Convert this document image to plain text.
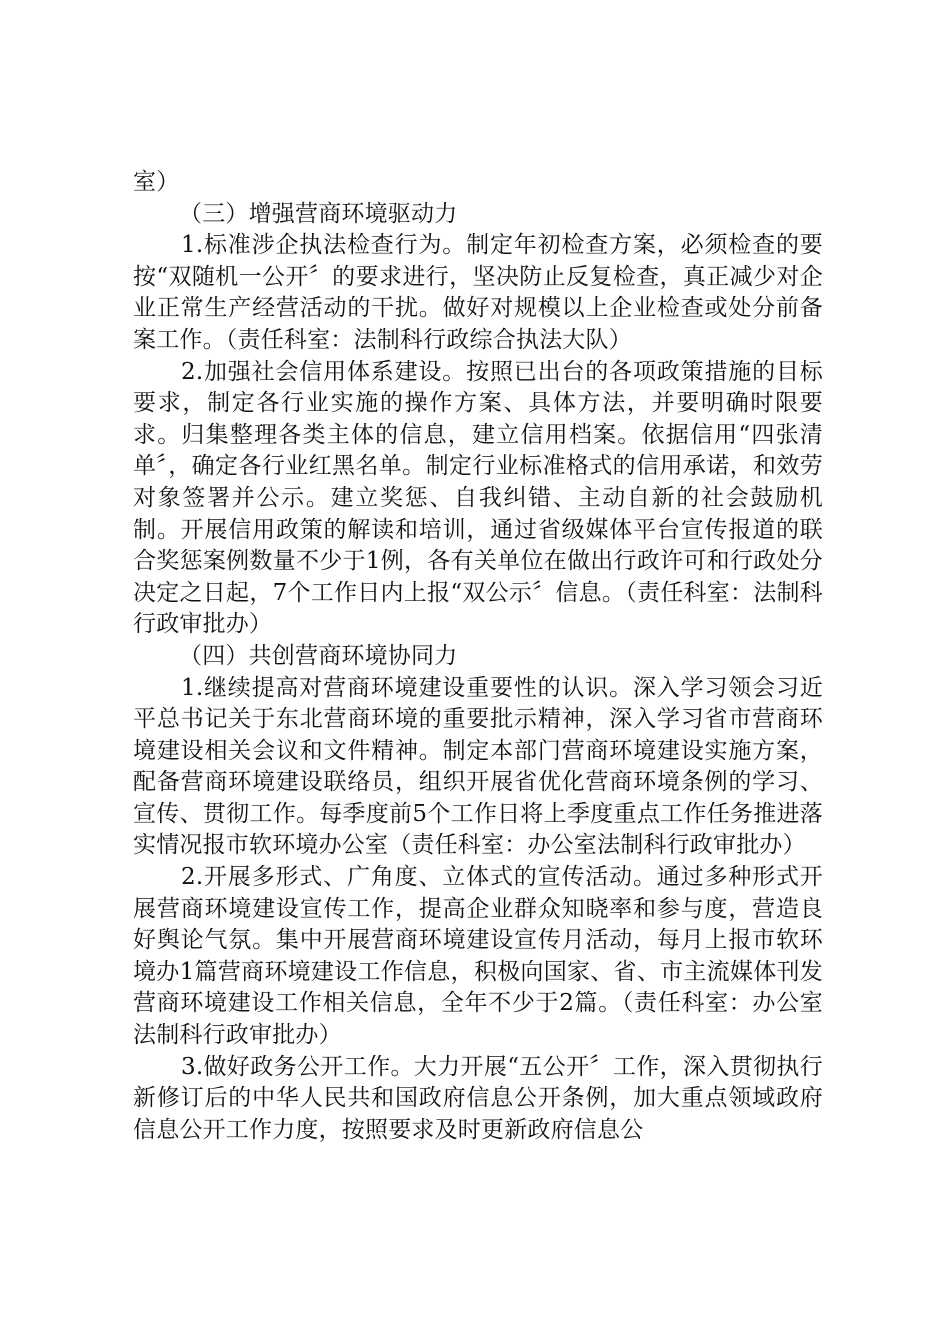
室）

（三）增强营商环境驱动力

1.标准涉企执法检查行为。制定年初检查方案，必须检查的要按“双随机一公开〞的要求进行，坚决防止反复检查，真正减少对企业正常生产经营活动的干扰。做好对规模以上企业检查或处分前备案工作。（责任科室：法制科行政综合执法大队）

2.加强社会信用体系建设。按照已出台的各项政策措施的目标要求，制定各行业实施的操作方案、具体方法，并要明确时限要求。归集整理各类主体的信息，建立信用档案。依据信用“四张清单〞，确定各行业红黑名单。制定行业标准格式的信用承诺，和效劳对象签署并公示。建立奖惩、自我纠错、主动自新的社会鼓励机制。开展信用政策的解读和培训，通过省级媒体平台宣传报道的联合奖惩案例数量不少于1例，各有关单位在做出行政许可和行政处分决定之日起，7个工作日内上报“双公示〞信息。（责任科室：法制科行政审批办）

（四）共创营商环境协同力

1.继续提高对营商环境建设重要性的认识。深入学习领会习近平总书记关于东北营商环境的重要批示精神，深入学习省市营商环境建设相关会议和文件精神。制定本部门营商环境建设实施方案，配备营商环境建设联络员，组织开展省优化营商环境条例的学习、宣传、贯彻工作。每季度前5个工作日将上季度重点工作任务推进落实情况报市软环境办公室（责任科室：办公室法制科行政审批办）

2.开展多形式、广角度、立体式的宣传活动。通过多种形式开展营商环境建设宣传工作，提高企业群众知晓率和参与度，营造良好舆论气氛。集中开展营商环境建设宣传月活动，每月上报市软环境办1篇营商环境建设工作信息，积极向国家、省、市主流媒体刊发营商环境建设工作相关信息，全年不少于2篇。（责任科室：办公室法制科行政审批办）

3.做好政务公开工作。大力开展“五公开〞工作，深入贯彻执行新修订后的中华人民共和国政府信息公开条例，加大重点领域政府信息公开工作力度，按照要求及时更新政府信息公
